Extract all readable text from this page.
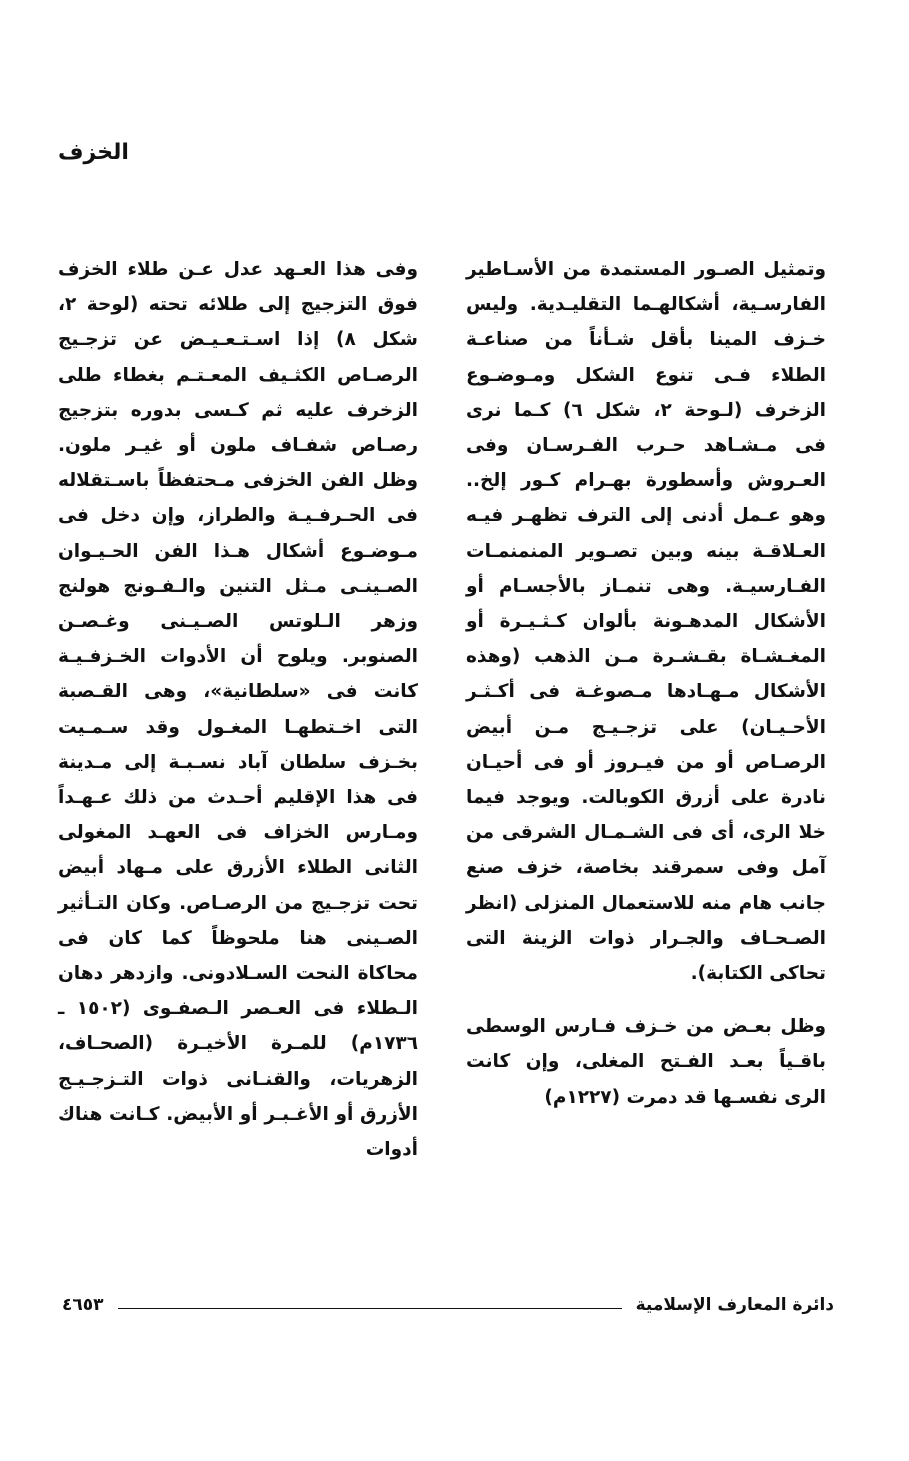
الخزف

وتمثيل الصـور المستمدة من الأسـاطير الفارسـية، أشكالهـما التقليـدية. وليس خـزف المينا بأقل شـأناً من صناعـة الطلاء فـى تنوع الشكل ومـوضـوع الزخرف (لـوحة ٢، شكل ٦) كـما نرى فى مـشـاهد حـرب الفـرسـان وفى العـروش وأسطورة بهـرام كـور إلخ.. وهو عـمل أدنى إلى الترف تظهـر فيـه العـلاقـة بينه وبين تصـوير المنمنمـات الفـارسيـة. وهى تنمـاز بالأجسـام أو الأشكال المدهـونة بألوان كـثـيـرة أو المغـشـاة بقـشـرة مـن الذهب (وهذه الأشكال مـهـادها مـصوغـة فى أكـثـر الأحـيـان) على تزجـيـج مـن أبيض الرصـاص أو من فيـروز أو فى أحيـان نادرة على أزرق الكوبالت. ويوجد فيما خلا الرى، أى فى الشـمـال الشرقى من آمل وفى سمرقند بخاصة، خزف صنع جانب هام منه للاستعمال المنزلى (انظر الصـحـاف والجـرار ذوات الزينة التى تحاكى الكتابة).

وظل بعـض من خـزف فـارس الوسطى باقـياً بعـد الفـتح المغلى، وإن كانت الرى نفسـها قد دمرت (١٢٢٧م)

وفى هذا العـهد عدل عـن طلاء الخزف فوق التزجيج إلى طلائه تحته (لوحة ٢، شكل ٨) إذا اسـتـعـيـض عن تزجـيج الرصـاص الكثـيف المعـتـم بغطاء طلى الزخرف عليه ثم كـسى بدوره بتزجيج رصـاص شفـاف ملون أو غيـر ملون. وظل الفن الخزفى مـحتفظاً باسـتقلاله فى الحـرفـيـة والطراز، وإن دخل فى مـوضـوع أشكال هـذا الفن الحـيـوان الصـينـى مـثل التنين والـفـونج هولنج وزهر الـلوتس الصـيـنى وغـصـن الصنوبر. ويلوح أن الأدوات الخـزفـيـة كانت فى «سلطانية»، وهى القـصبة التى اخـتطهـا المغـول وقد سـمـيت بخـزف سلطان آباد نسـبـة إلى مـدينة فى هذا الإقليم أحـدث من ذلك عـهـداً ومـارس الخزاف فى العهـد المغولى الثانى الطلاء الأزرق على مـهاد أبيض تحت تزجـيج من الرصـاص. وكان التـأثير الصـينى هنا ملحوظاً كما كان فى محاكاة النحت السـلادونى. وازدهر دهان الـطلاء فى العـصر الـصفـوى (١٥٠٢ ـ ١٧٣٦م) للمـرة الأخيـرة (الصحـاف، الزهريات، والقنـانى ذوات التـزجـيـج الأزرق أو الأغـبـر أو الأبيض. كـانت هناك أدوات

دائرة المعارف الإسلامية
٤٦٥٣
